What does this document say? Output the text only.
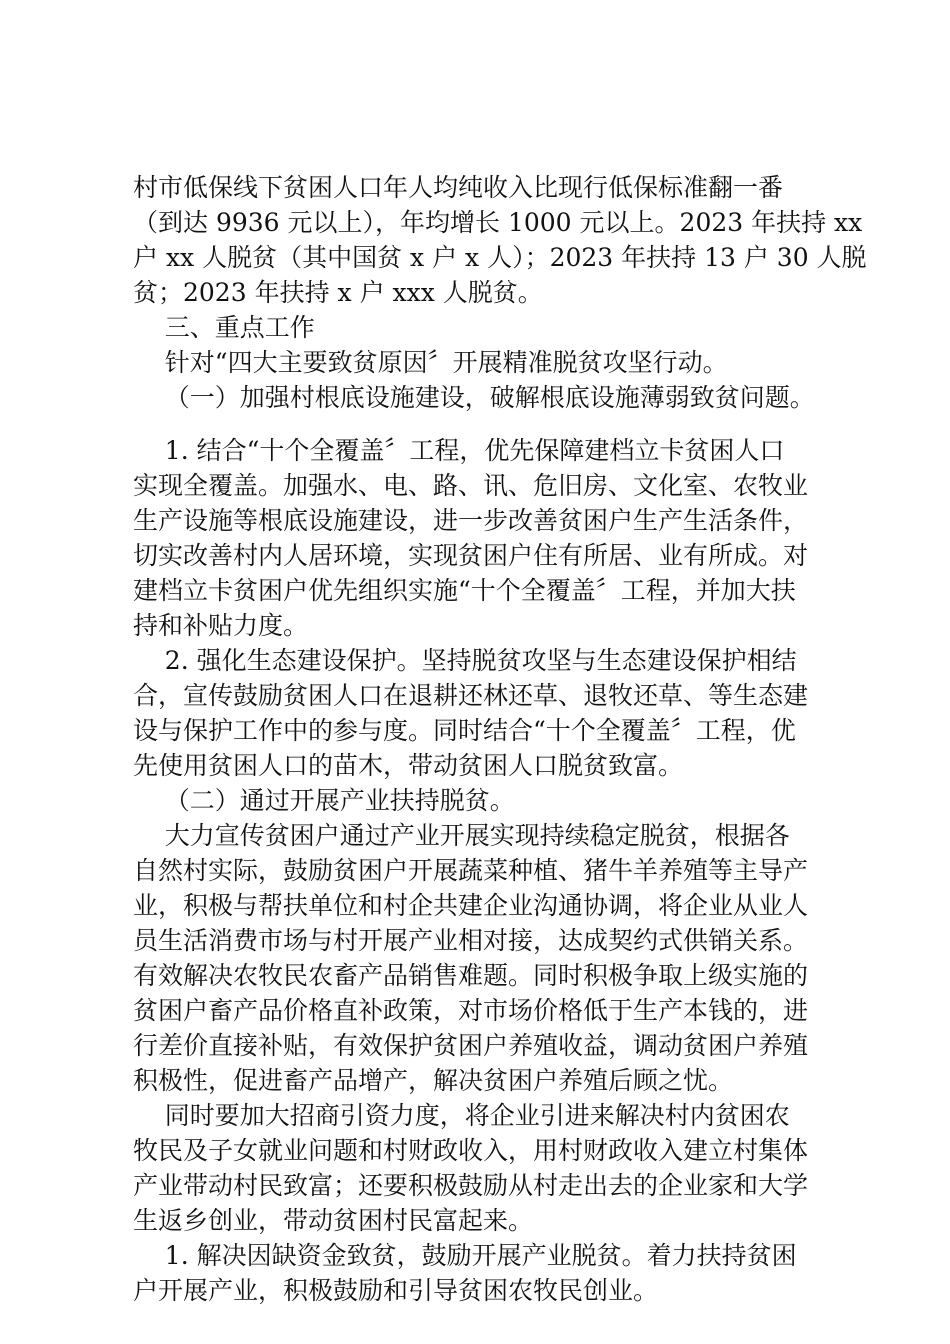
村市低保线下贫困人口年人均纯收入比现行低保标准翻一番

（到达 9936 元以上），年均增长 1000 元以上。2023 年扶持 xx

户 xx 人脱贫（其中国贫 x 户 x 人）；2023 年扶持 13 户 30 人脱

贫；2023 年扶持 x 户 xxx 人脱贫。

三、重点工作

针对“四大主要致贫原因〞开展精准脱贫攻坚行动。

（一）加强村根底设施建设，破解根底设施薄弱致贫问题。

1. 结合“十个全覆盖〞工程，优先保障建档立卡贫困人口

实现全覆盖。加强水、电、路、讯、危旧房、文化室、农牧业

生产设施等根底设施建设，进一步改善贫困户生产生活条件，

切实改善村内人居环境，实现贫困户住有所居、业有所成。对

建档立卡贫困户优先组织实施“十个全覆盖〞工程，并加大扶

持和补贴力度。

2. 强化生态建设保护。坚持脱贫攻坚与生态建设保护相结

合，宣传鼓励贫困人口在退耕还林还草、退牧还草、等生态建

设与保护工作中的参与度。同时结合“十个全覆盖〞工程，优

先使用贫困人口的苗木，带动贫困人口脱贫致富。

（二）通过开展产业扶持脱贫。

大力宣传贫困户通过产业开展实现持续稳定脱贫，根据各

自然村实际，鼓励贫困户开展蔬菜种植、猪牛羊养殖等主导产

业，积极与帮扶单位和村企共建企业沟通协调，将企业从业人

员生活消费市场与村开展产业相对接，达成契约式供销关系。

有效解决农牧民农畜产品销售难题。同时积极争取上级实施的

贫困户畜产品价格直补政策，对市场价格低于生产本钱的，进

行差价直接补贴，有效保护贫困户养殖收益，调动贫困户养殖

积极性，促进畜产品增产，解决贫困户养殖后顾之忧。

同时要加大招商引资力度，将企业引进来解决村内贫困农

牧民及子女就业问题和村财政收入，用村财政收入建立村集体

产业带动村民致富；还要积极鼓励从村走出去的企业家和大学

生返乡创业，带动贫困村民富起来。

1. 解决因缺资金致贫，鼓励开展产业脱贫。着力扶持贫困

户开展产业，积极鼓励和引导贫困农牧民创业。
